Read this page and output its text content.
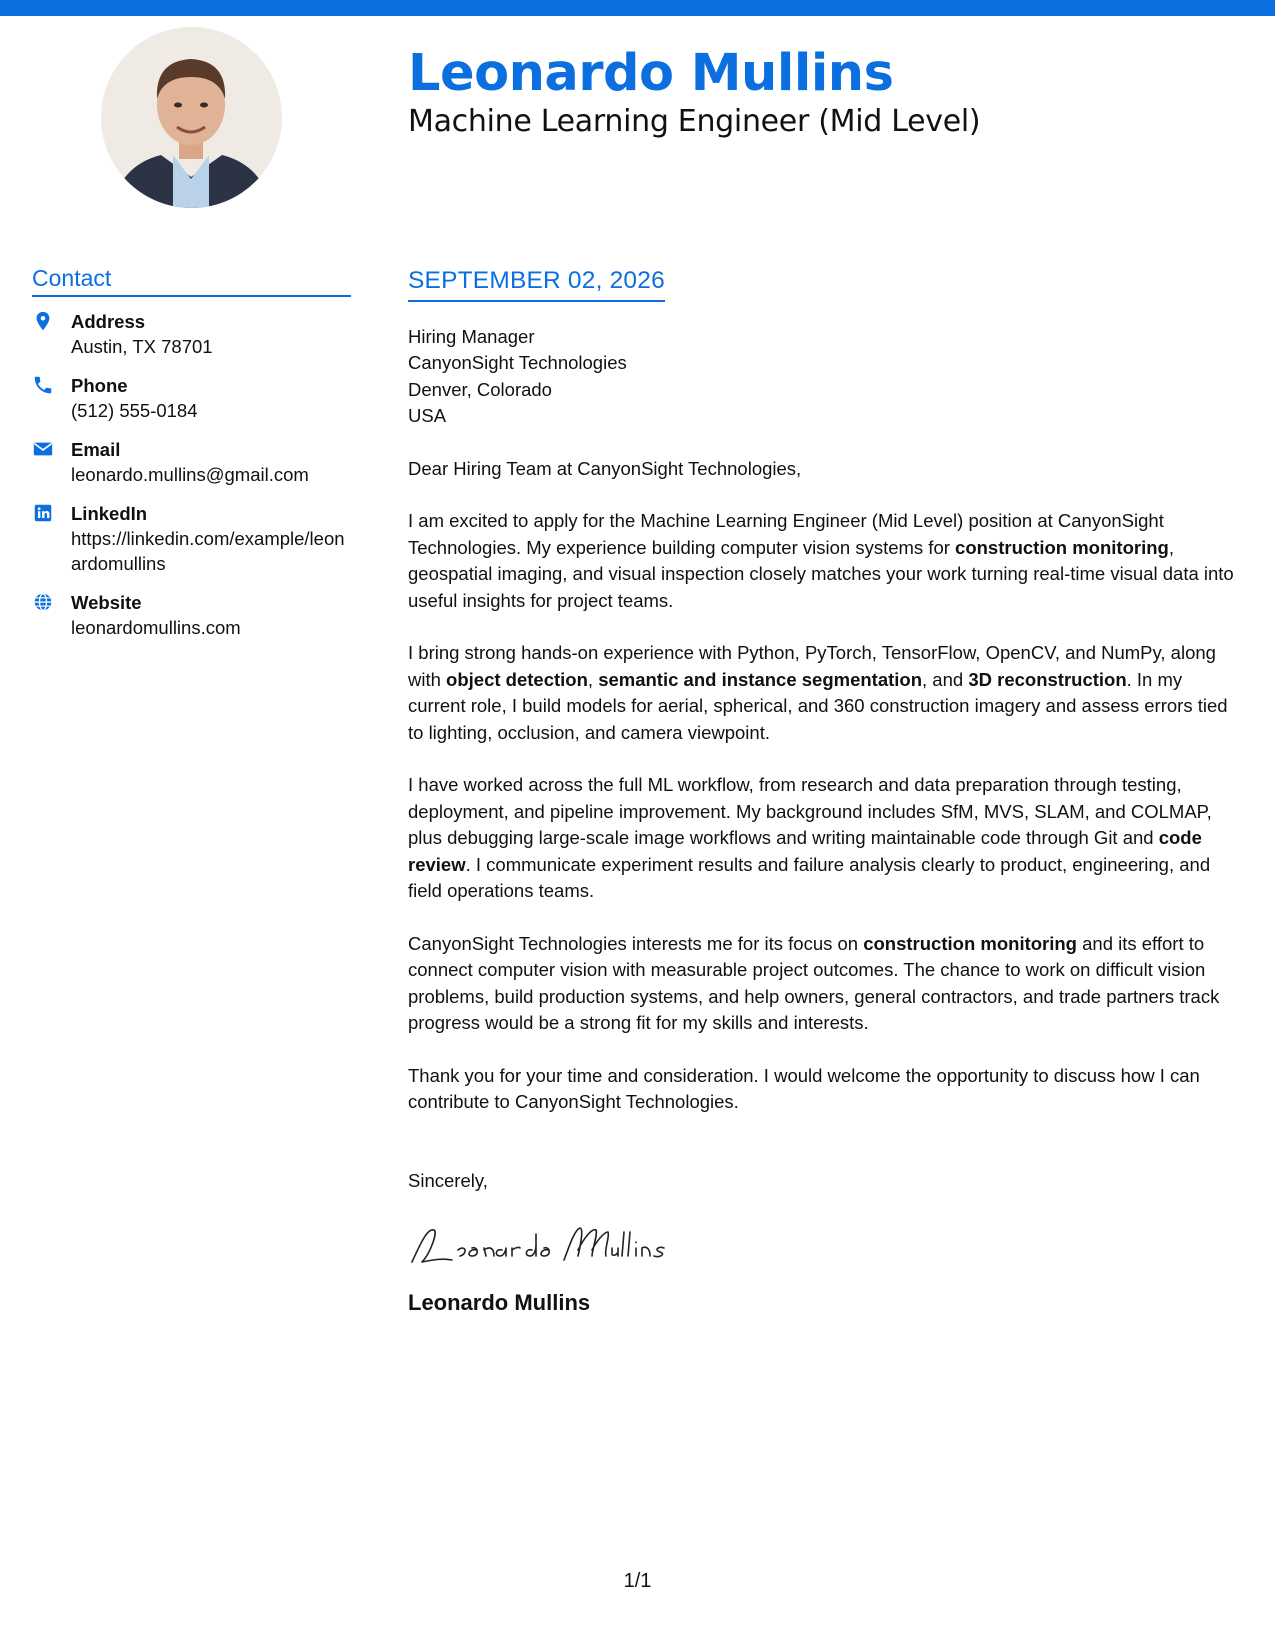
Leonardo Mullins
Machine Learning Engineer (Mid Level)
Contact
Address
Austin, TX 78701
Phone
(512) 555-0184
Email
leonardo.mullins@gmail.com
LinkedIn
https://linkedin.com/example/leonardomullins
Website
leonardomullins.com
SEPTEMBER 02, 2026
Hiring Manager
CanyonSight Technologies
Denver, Colorado
USA
Dear Hiring Team at CanyonSight Technologies,
I am excited to apply for the Machine Learning Engineer (Mid Level) position at CanyonSight Technologies. My experience building computer vision systems for construction monitoring, geospatial imaging, and visual inspection closely matches your work turning real-time visual data into useful insights for project teams.
I bring strong hands-on experience with Python, PyTorch, TensorFlow, OpenCV, and NumPy, along with object detection, semantic and instance segmentation, and 3D reconstruction. In my current role, I build models for aerial, spherical, and 360 construction imagery and assess errors tied to lighting, occlusion, and camera viewpoint.
I have worked across the full ML workflow, from research and data preparation through testing, deployment, and pipeline improvement. My background includes SfM, MVS, SLAM, and COLMAP, plus debugging large-scale image workflows and writing maintainable code through Git and code review. I communicate experiment results and failure analysis clearly to product, engineering, and field operations teams.
CanyonSight Technologies interests me for its focus on construction monitoring and its effort to connect computer vision with measurable project outcomes. The chance to work on difficult vision problems, build production systems, and help owners, general contractors, and trade partners track progress would be a strong fit for my skills and interests.
Thank you for your time and consideration. I would welcome the opportunity to discuss how I can contribute to CanyonSight Technologies.
Sincerely,
Leonardo Mullins
1/1
